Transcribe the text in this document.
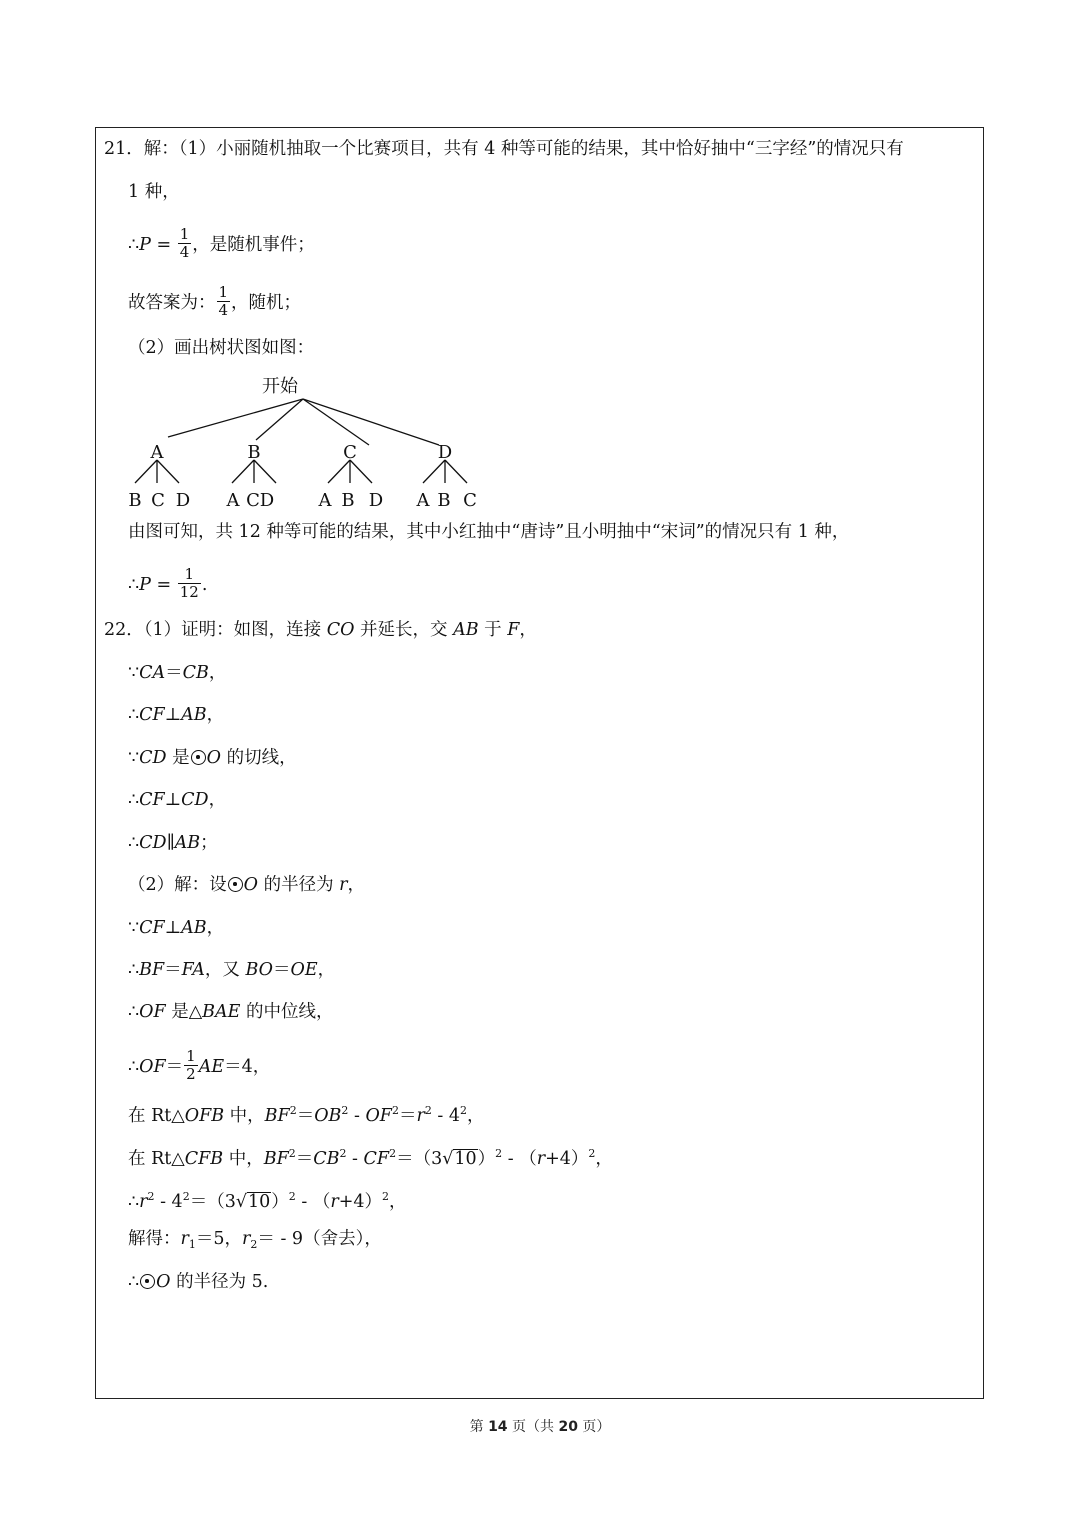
21．解：（1）小丽随机抽取一个比赛项目，共有 4 种等可能的结果，其中恰好抽中“三字经”的情况只有
1 种，
∴P = $\frac{1}{4}$ ，是随机事件；
故答案为： $\frac{1}{4}$ ，随机；
（2）画出树状图如图：
开始
A	B	C	D
B C D A C D A B D A B C
由图可知，共 12 种等可能的结果，其中小红抽中“唐诗”且小明抽中“宋词”的情况只有 1 种，
∴P = $\frac{1}{12}$ .
22．（1）证明：如图，连接 CO 并延长，交 AB 于 F，
∵CA＝CB，
∴CF⊥AB，
∵CD 是 O 的切线，
∴CF⊥CD，
∴CD∥AB；
（2）解：设 O 的半径为 r，
∵CF⊥AB，
∴BF＝FA，又 BO＝OE，
∴OF 是△BAE 的中位线，
∴OF＝ $\frac{1}{2} AE=4$，
在 Rt△OFB 中，$BF^2=OB^2 - OF^2=r^2 - 4^2$，
在 Rt△CFB 中，$BF^2=CB^2 - CF^2=(3√10)^2 - (r+4)^2$，
$\therefore r^2 - 4^2=(3√10)^2 - (r+4)^2$，
解得：$r_1=5$，$r_2= - 9$（舍去），
∴ O 的半径为 5.
第 14 页（共 20 页）
